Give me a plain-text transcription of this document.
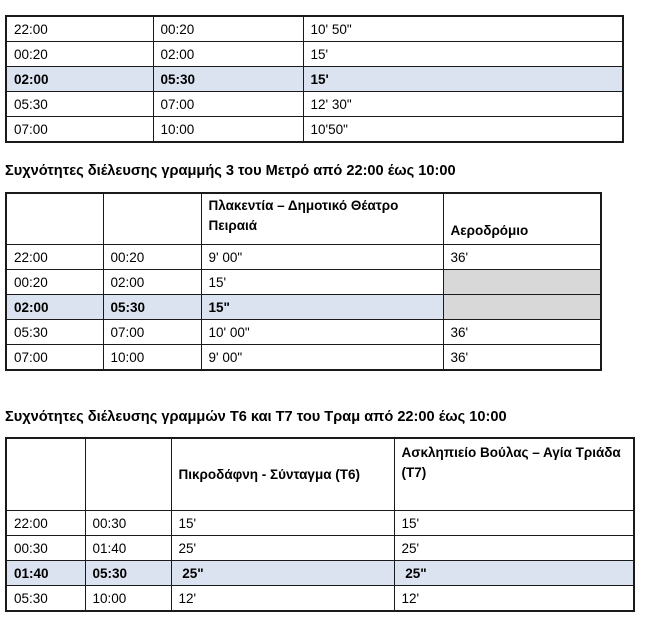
22:00	00:20	10' 50"
00:20	02:00	15'
02:00	05:30	15'
05:30	07:00	12' 30"
07:00	10:00	10'50"
Συχνότητες διέλευσης γραμμής 3 του Μετρό από 22:00 έως 10:00
		Πλακεντία – Δημοτικό Θέατρο Πειραιά	Αεροδρόμιο
22:00	00:20	9' 00"	36'
00:20	02:00	15'	
02:00	05:30	15"	
05:30	07:00	10' 00"	36'
07:00	10:00	9' 00"	36'
Συχνότητες διέλευσης γραμμών Τ6 και Τ7 του Τραμ από 22:00 έως 10:00
		Πικροδάφνη - Σύνταγμα (Τ6)	Ασκληπιείο Βούλας – Αγία Τριάδα (Τ7)
22:00	00:30	15'	15'
00:30	01:40	25'	25'
01:40	05:30	25"	25"
05:30	10:00	12'	12'
